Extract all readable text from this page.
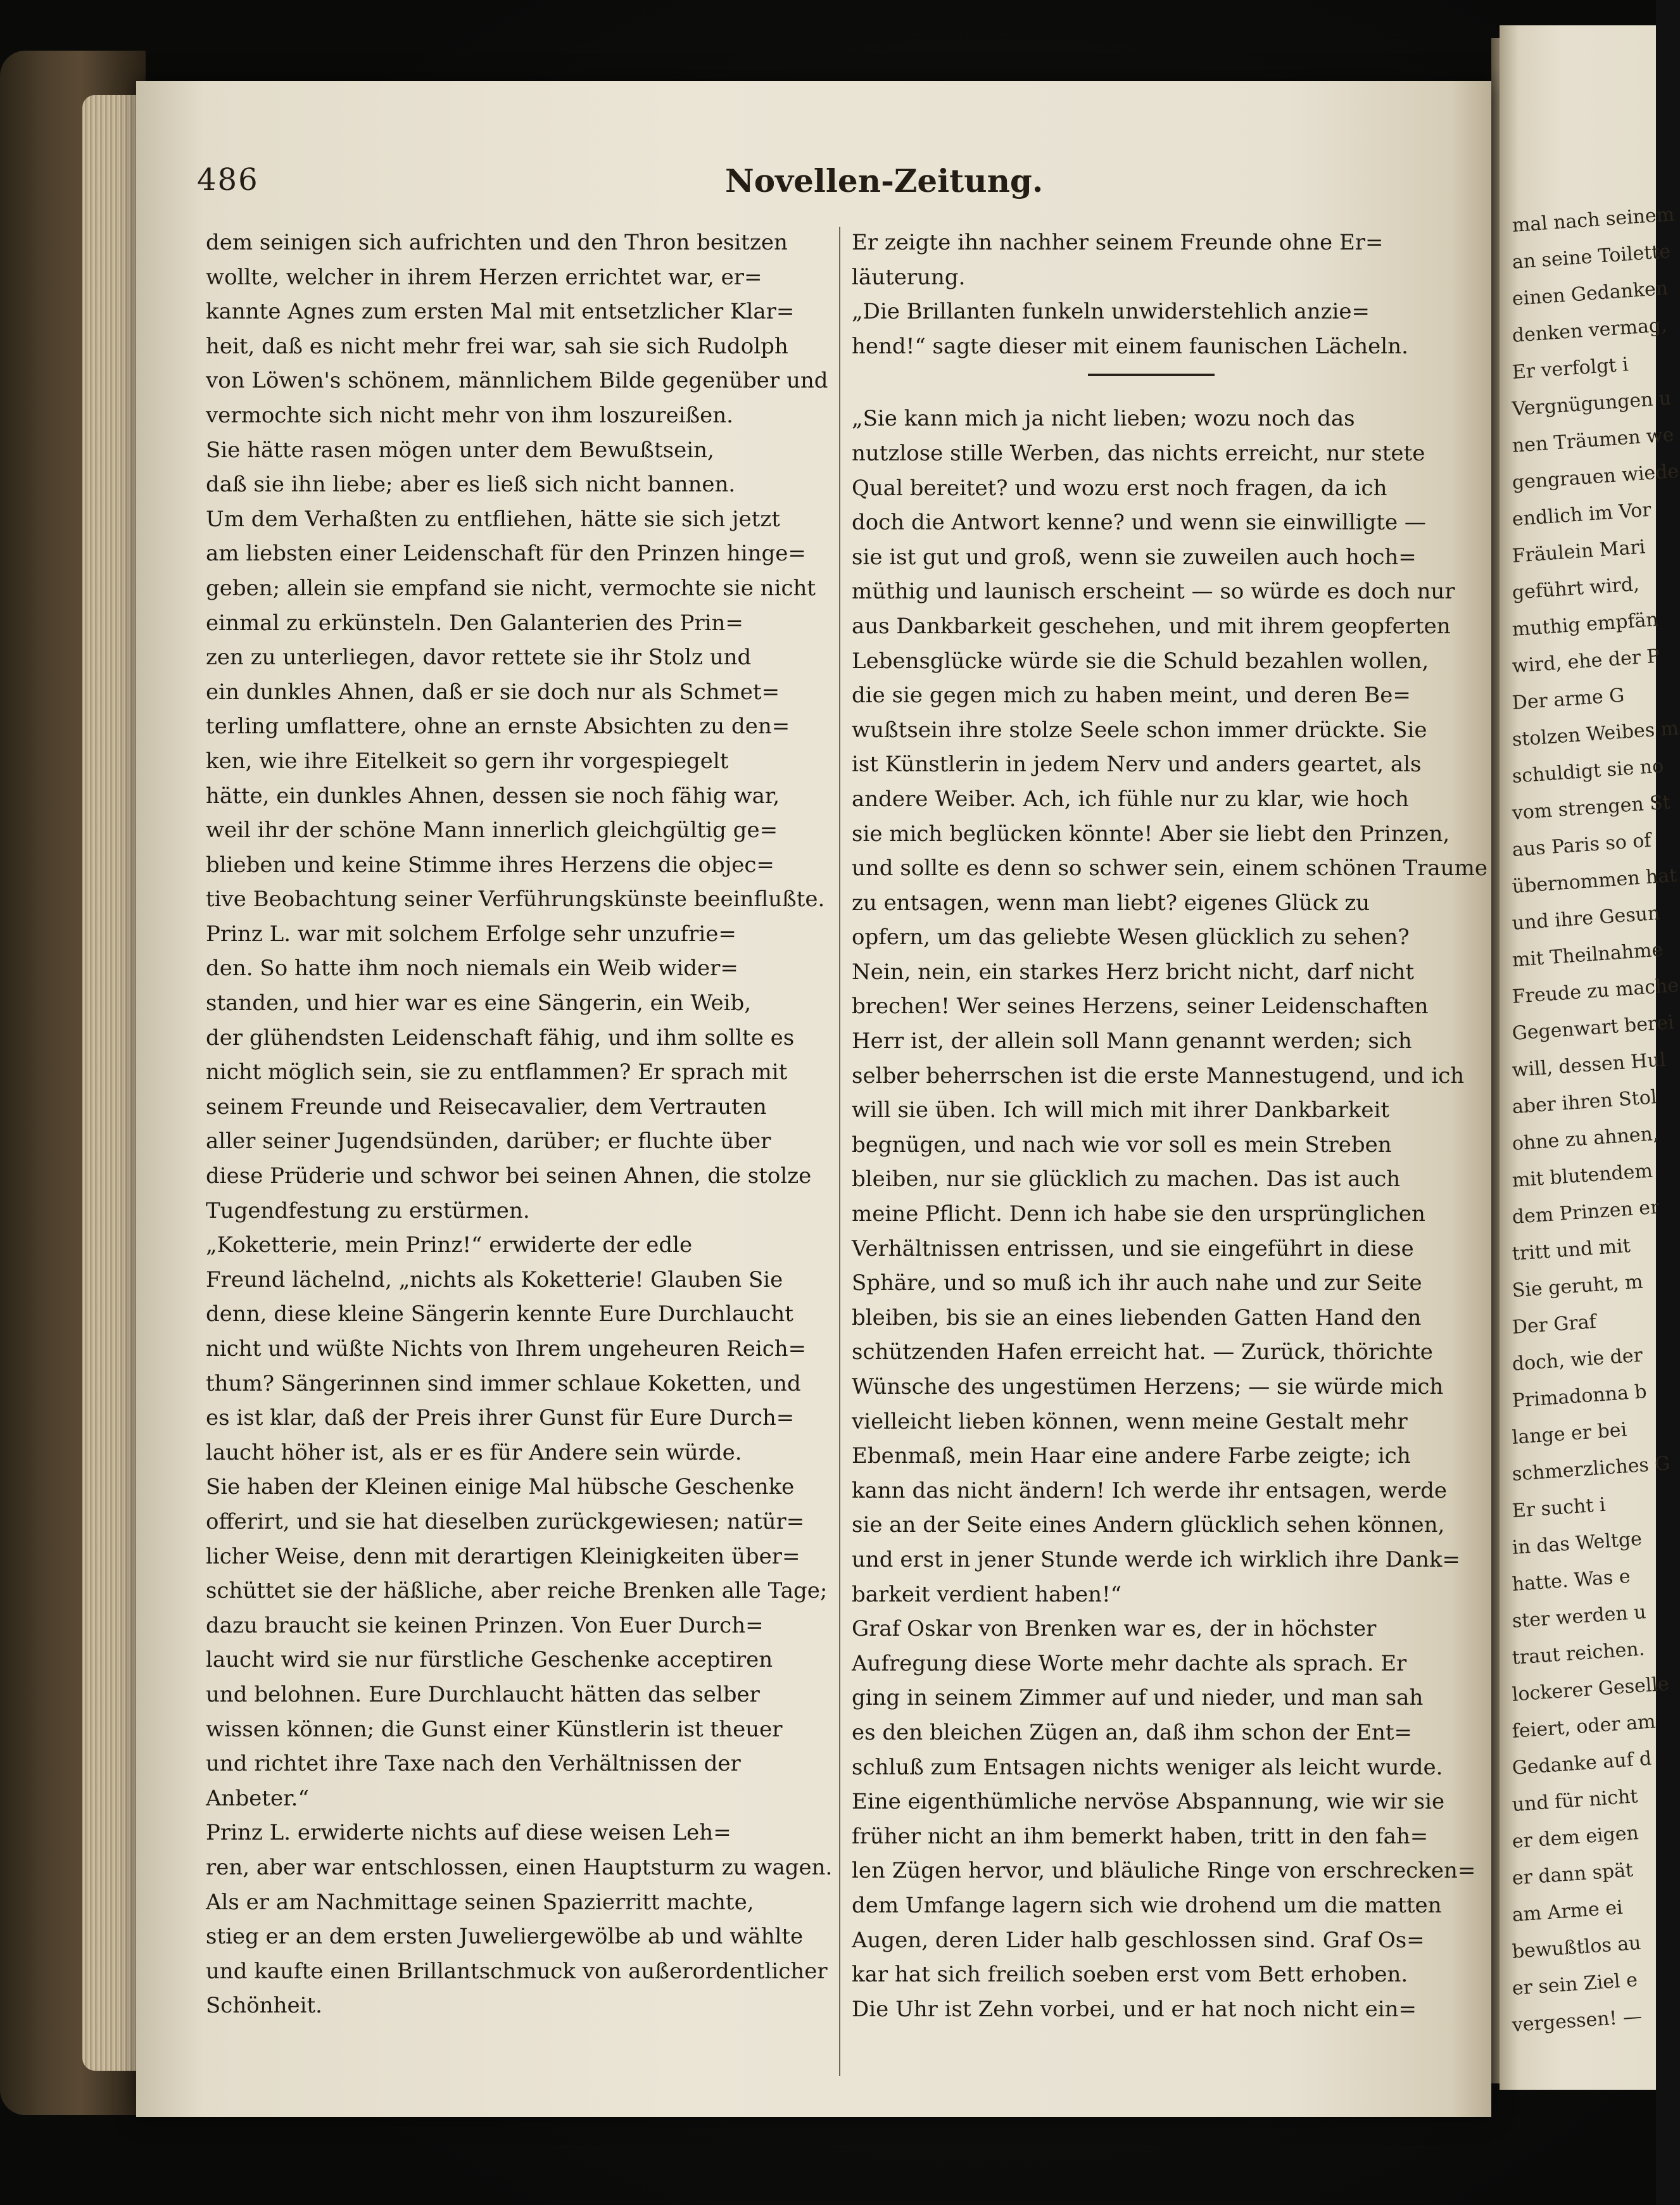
486	Novellen-Zeitung.

dem seinigen sich aufrichten und den Thron besitzen

wollte, welcher in ihrem Herzen errichtet war, er=

kannte Agnes zum ersten Mal mit entsetzlicher Klar=

heit, daß es nicht mehr frei war, sah sie sich Rudolph

von Löwen's schönem, männlichem Bilde gegenüber und

vermochte sich nicht mehr von ihm loszureißen.

Sie hätte rasen mögen unter dem Bewußtsein,

daß sie ihn liebe; aber es ließ sich nicht bannen.

Um dem Verhaßten zu entfliehen, hätte sie sich jetzt

am liebsten einer Leidenschaft für den Prinzen hinge=

geben; allein sie empfand sie nicht, vermochte sie nicht

einmal zu erkünsteln. Den Galanterien des Prin=

zen zu unterliegen, davor rettete sie ihr Stolz und

ein dunkles Ahnen, daß er sie doch nur als Schmet=

terling umflattere, ohne an ernste Absichten zu den=

ken, wie ihre Eitelkeit so gern ihr vorgespiegelt

hätte, ein dunkles Ahnen, dessen sie noch fähig war,

weil ihr der schöne Mann innerlich gleichgültig ge=

blieben und keine Stimme ihres Herzens die objec=

tive Beobachtung seiner Verführungskünste beeinflußte.

Prinz L. war mit solchem Erfolge sehr unzufrie=

den. So hatte ihm noch niemals ein Weib wider=

standen, und hier war es eine Sängerin, ein Weib,

der glühendsten Leidenschaft fähig, und ihm sollte es

nicht möglich sein, sie zu entflammen? Er sprach mit

seinem Freunde und Reisecavalier, dem Vertrauten

aller seiner Jugendsünden, darüber; er fluchte über

diese Prüderie und schwor bei seinen Ahnen, die stolze

Tugendfestung zu erstürmen.

„Koketterie, mein Prinz!“ erwiderte der edle

Freund lächelnd, „nichts als Koketterie! Glauben Sie

denn, diese kleine Sängerin kennte Eure Durchlaucht

nicht und wüßte Nichts von Ihrem ungeheuren Reich=

thum? Sängerinnen sind immer schlaue Koketten, und

es ist klar, daß der Preis ihrer Gunst für Eure Durch=

laucht höher ist, als er es für Andere sein würde.

Sie haben der Kleinen einige Mal hübsche Geschenke

offerirt, und sie hat dieselben zurückgewiesen; natür=

licher Weise, denn mit derartigen Kleinigkeiten über=

schüttet sie der häßliche, aber reiche Brenken alle Tage;

dazu braucht sie keinen Prinzen. Von Euer Durch=

laucht wird sie nur fürstliche Geschenke acceptiren

und belohnen. Eure Durchlaucht hätten das selber

wissen können; die Gunst einer Künstlerin ist theuer

und richtet ihre Taxe nach den Verhältnissen der

Anbeter.“

Prinz L. erwiderte nichts auf diese weisen Leh=

ren, aber war entschlossen, einen Hauptsturm zu wagen.

Als er am Nachmittage seinen Spazierritt machte,

stieg er an dem ersten Juweliergewölbe ab und wählte

und kaufte einen Brillantschmuck von außerordentlicher

Schönheit.

Er zeigte ihn nachher seinem Freunde ohne Er=

läuterung.

„Die Brillanten funkeln unwiderstehlich anzie=

hend!“ sagte dieser mit einem faunischen Lächeln.

„Sie kann mich ja nicht lieben; wozu noch das

nutzlose stille Werben, das nichts erreicht, nur stete

Qual bereitet? und wozu erst noch fragen, da ich

doch die Antwort kenne? und wenn sie einwilligte —

sie ist gut und groß, wenn sie zuweilen auch hoch=

müthig und launisch erscheint — so würde es doch nur

aus Dankbarkeit geschehen, und mit ihrem geopferten

Lebensglücke würde sie die Schuld bezahlen wollen,

die sie gegen mich zu haben meint, und deren Be=

wußtsein ihre stolze Seele schon immer drückte. Sie

ist Künstlerin in jedem Nerv und anders geartet, als

andere Weiber. Ach, ich fühle nur zu klar, wie hoch

sie mich beglücken könnte! Aber sie liebt den Prinzen,

und sollte es denn so schwer sein, einem schönen Traume

zu entsagen, wenn man liebt? eigenes Glück zu

opfern, um das geliebte Wesen glücklich zu sehen?

Nein, nein, ein starkes Herz bricht nicht, darf nicht

brechen! Wer seines Herzens, seiner Leidenschaften

Herr ist, der allein soll Mann genannt werden; sich

selber beherrschen ist die erste Mannestugend, und ich

will sie üben. Ich will mich mit ihrer Dankbarkeit

begnügen, und nach wie vor soll es mein Streben

bleiben, nur sie glücklich zu machen. Das ist auch

meine Pflicht. Denn ich habe sie den ursprünglichen

Verhältnissen entrissen, und sie eingeführt in diese

Sphäre, und so muß ich ihr auch nahe und zur Seite

bleiben, bis sie an eines liebenden Gatten Hand den

schützenden Hafen erreicht hat. — Zurück, thörichte

Wünsche des ungestümen Herzens; — sie würde mich

vielleicht lieben können, wenn meine Gestalt mehr

Ebenmaß, mein Haar eine andere Farbe zeigte; ich

kann das nicht ändern! Ich werde ihr entsagen, werde

sie an der Seite eines Andern glücklich sehen können,

und erst in jener Stunde werde ich wirklich ihre Dank=

barkeit verdient haben!“

Graf Oskar von Brenken war es, der in höchster

Aufregung diese Worte mehr dachte als sprach. Er

ging in seinem Zimmer auf und nieder, und man sah

es den bleichen Zügen an, daß ihm schon der Ent=

schluß zum Entsagen nichts weniger als leicht wurde.

Eine eigenthümliche nervöse Abspannung, wie wir sie

früher nicht an ihm bemerkt haben, tritt in den fah=

len Zügen hervor, und bläuliche Ringe von erschrecken=

dem Umfange lagern sich wie drohend um die matten

Augen, deren Lider halb geschlossen sind. Graf Os=

kar hat sich freilich soeben erst vom Bett erhoben.

Die Uhr ist Zehn vorbei, und er hat noch nicht ein=

mal nach seinem
an seine Toilette
einen Gedanken
denken vermag,
Er verfolgt i
Vergnügungen u
nen Träumen we
gengrauen wiede
endlich im Vor
Fräulein Mari
geführt wird,
muthig empfän
wird, ehe der P
Der arme G
stolzen Weibes m
schuldigt sie no
vom strengen St
aus Paris so of
übernommen hat
und ihre Gesun
mit Theilnahme
Freude zu mache
Gegenwart berei
will, dessen Hul
aber ihren Stol
ohne zu ahnen,
mit blutendem
dem Prinzen er
tritt und mit
Sie geruht, m
Der Graf
doch, wie der
Primadonna b
lange er bei
schmerzliches G
Er sucht i
in das Weltge
hatte. Was e
ster werden u
traut reichen.
lockerer Geselle
feiert, oder am
Gedanke auf d
und für nicht
er dem eigen
er dann spät
am Arme ei
bewußtlos au
er sein Ziel e
vergessen! —
